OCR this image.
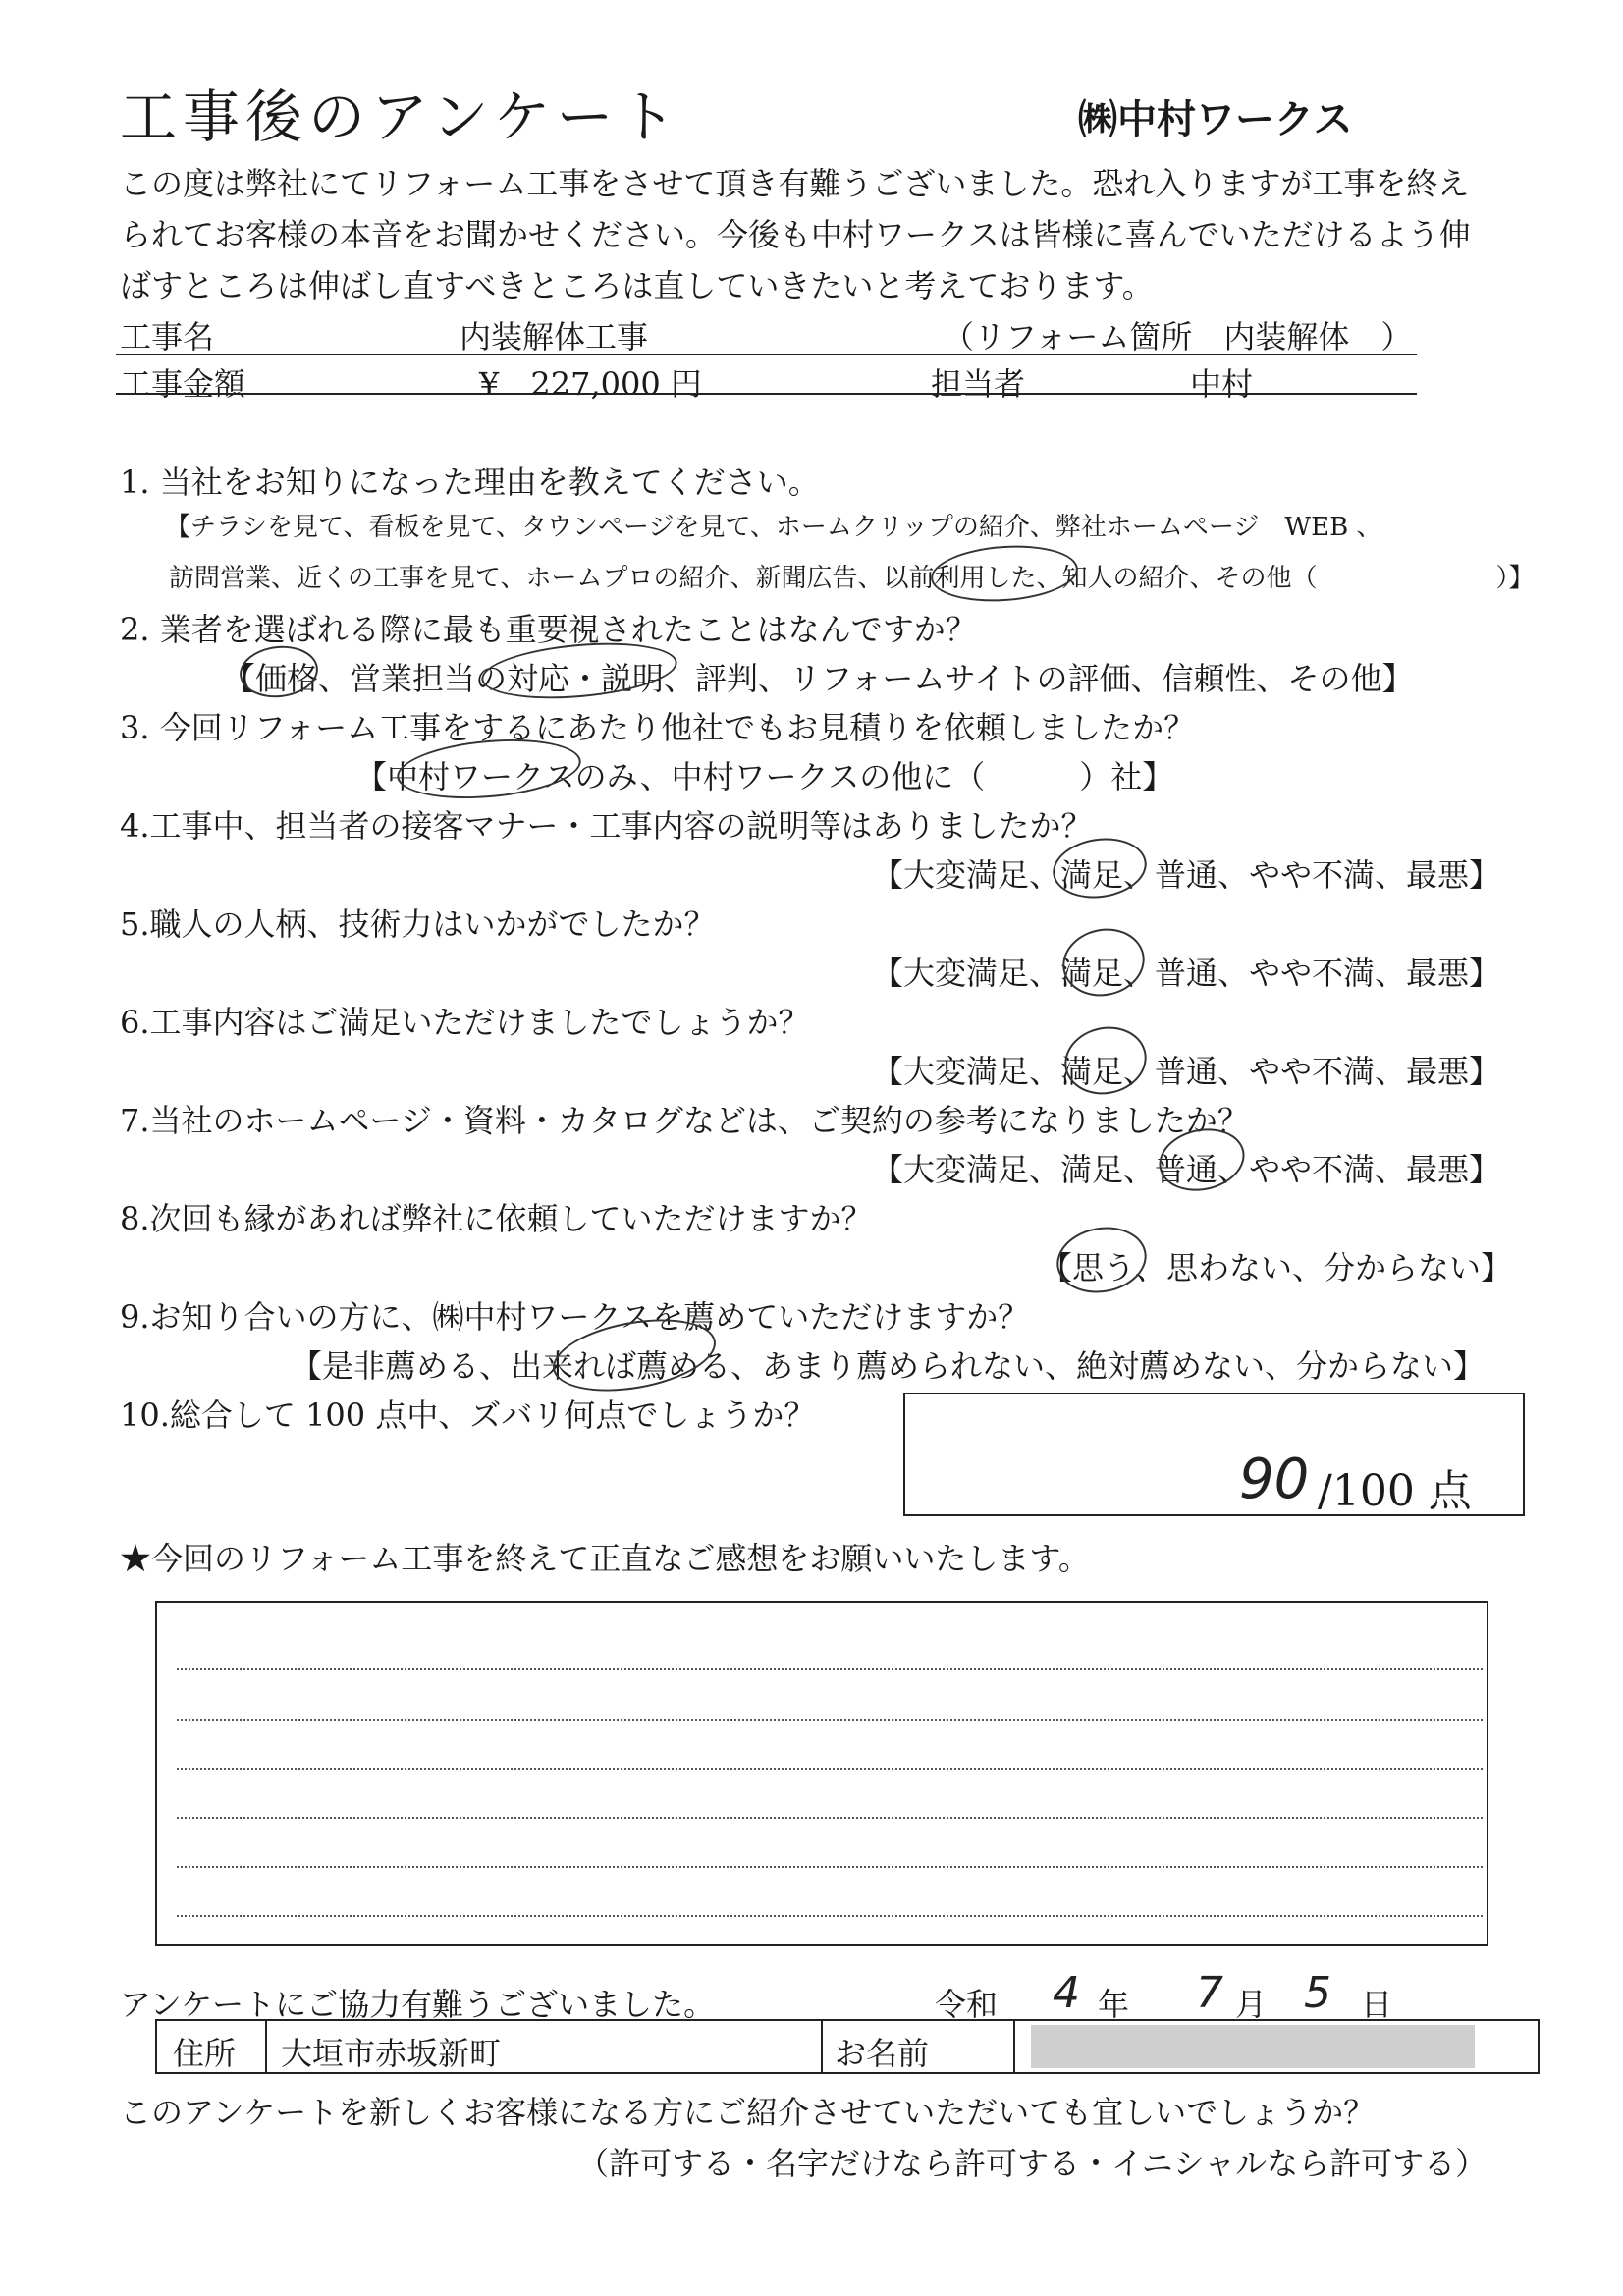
工事後のアンケート	㈱中村ワークス
この度は弊社にてリフォーム工事をさせて頂き有難うございました。恐れ入りますが工事を終え
られてお客様の本音をお聞かせください。今後も中村ワークスは皆様に喜んでいただけるよう伸
ばすところは伸ばし直すべきところは直していきたいと考えております。
工事名	内装解体工事	（リフォーム箇所　内装解体　）
工事金額	¥　227,000 円	担当者	中村
1. 当社をお知りになった理由を教えてください。
【チラシを見て、看板を見て、タウンページを見て、ホームクリップの紹介、弊社ホームページ　WEB 、
訪問営業、近くの工事を見て、ホームプロの紹介、新聞広告、以前利用した、知人の紹介、その他（　　　　　　　）】
2. 業者を選ばれる際に最も重要視されたことはなんですか？
【価格、営業担当の対応・説明、評判、リフォームサイトの評価、信頼性、その他】
3. 今回リフォーム工事をするにあたり他社でもお見積りを依頼しましたか？
【中村ワークスのみ、中村ワークスの他に（　　　）社】
4.工事中、担当者の接客マナー・工事内容の説明等はありましたか？
【大変満足、満足、普通、やや不満、最悪】
5.職人の人柄、技術力はいかがでしたか？
【大変満足、満足、普通、やや不満、最悪】
6.工事内容はご満足いただけましたでしょうか？
【大変満足、満足、普通、やや不満、最悪】
7.当社のホームページ・資料・カタログなどは、ご契約の参考になりましたか？
【大変満足、満足、普通、やや不満、最悪】
8.次回も縁があれば弊社に依頼していただけますか？
【思う、思わない、分からない】
9.お知り合いの方に、㈱中村ワークスを薦めていただけますか？
【是非薦める、出来れば薦める、あまり薦められない、絶対薦めない、分からない】
10.総合して 100 点中、ズバリ何点でしょうか？
90 /100 点
★今回のリフォーム工事を終えて正直なご感想をお願いいたします。
アンケートにご協力有難うございました。	令和 4 年 7 月 5 日
住所 大垣市赤坂新町	お名前
このアンケートを新しくお客様になる方にご紹介させていただいても宜しいでしょうか？
（許可する・名字だけなら許可する・イニシャルなら許可する）
